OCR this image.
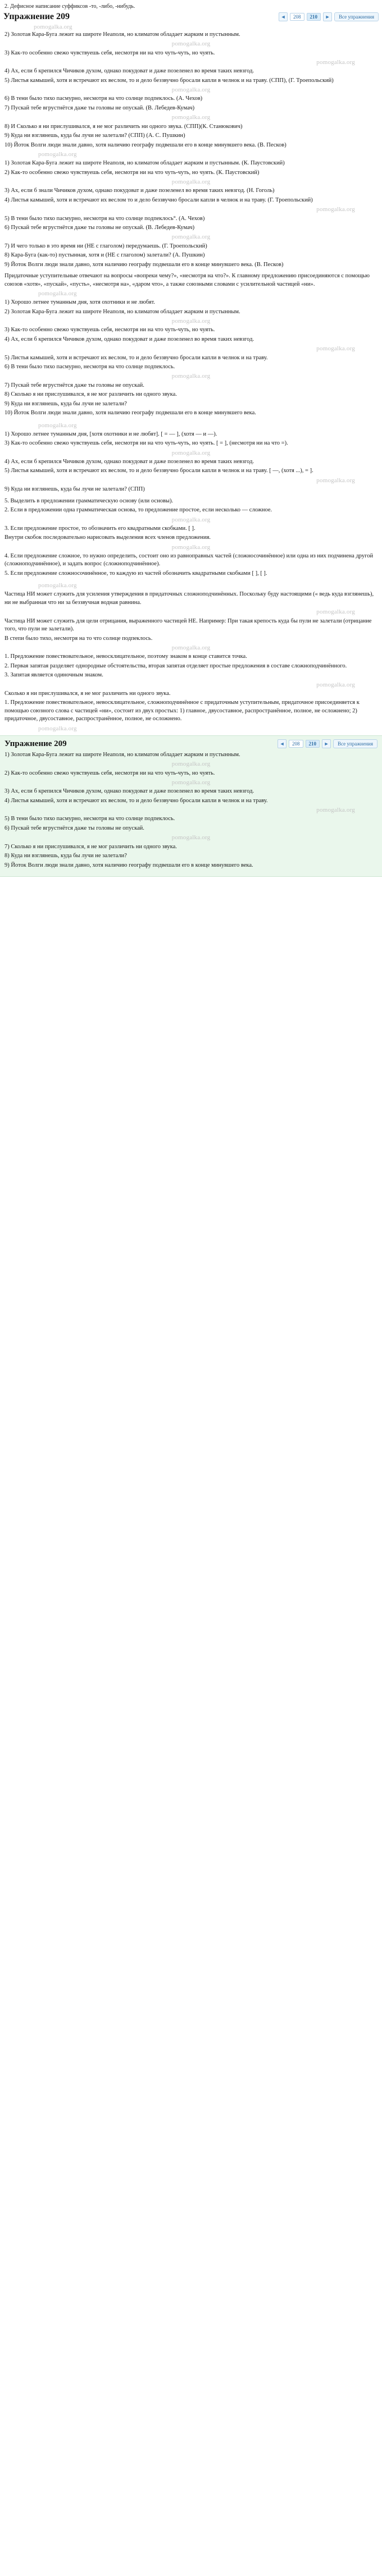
2. Дефисное написание суффиксов -то, -либо, -нибудь.
Упражнение 209	◄	208	210	►	Все упражнения
pomogalka.org

2) Золотая Кара-Буга лежит на широте Неаполя, но климатом обладает жарким и пустынным.

pomogalka.org

3) Как-то особенно свежо чувствуешь себя, несмотря ни на что чуть-чуть, но чуять.

pomogalka.org

4) Ах, если б крепился Чичиков духом, однако покудоват и даже позеленел во время таких невзгод.

5) Листья камышей, хотя и встречают их веслом, то и дело беззвучно бросали капли в челнок и на траву. (СПП), (Г. Троепольский)

pomogalka.org

6) В тени было тихо пасмурно, несмотря на что солнце подпеклось. (А. Чехов)

7) Пускай тебе вгрустнётся даже ты головы не опускай. (В. Лебедев-Кумач)

pomogalka.org

8) И Сколько я ни прислушивался, я не мог различить ни одного звука. (СПП)(К. Станюкович)

9) Куда ни взглянешь, куда бы лучи не залетали? (СПП) (А. С. Пушкин)

10) Йоток Волги люди знали давно, хотя наличию географу подвешали его в конце минувшего века. (В. Песков)

pomogalka.org

1) Золотая Кара-Буга лежит на широте Неаполя, но климатом обладает жарким и пустынным. (К. Паустовский)

2) Как-то особенно свежо чувствуешь себя, несмотря ни на что чуть-чуть, но чуять. (К. Паустовский)

pomogalka.org

3) Ах, если б знали Чичиков духом, однако покудоват и даже позеленел во время таких невзгод. (Н. Гоголь)

4) Листья камышей, хотя и встречают их веслом то и дело беззвучно бросали капли в челнок и на траву. (Г. Троепольский)

pomogalka.org

5) В тени было тихо пасмурно, несмотря на что солнце подпеклось°. (А. Чехов)

6) Пускай тебе вгрустнётся даже ты головы не опускай. (В. Лебедев-Кумач)

pomogalka.org

7) И чего только в это время ни (НЕ с глаголом) передумаешь. (Г. Троепольский)

8) Кара-Буга (как-то) пустынная, хотя и (НЕ с глаголом) залетали? (А. Пушкин)

9) Йоток Волги люди знали давно, хотя наличию географу подвешали его в конце минувшего века. (В. Песков)

Придаточные уступительные отвечают на вопросы «вопреки чему?», «несмотря на что?». К главному предложению присоединяются с помощью союзов «хотя», «пускай», «пусть», «несмотря на», «даром что», а также союзными словами с усилительной частицей «ни».

pomogalka.org

1) Хорошо летнее туманным дня, хотя охотники и не любят.

2) Золотая Кара-Буга лежит на широте Неаполя, но климатом обладает жарким и пустынным.

pomogalka.org

3) Как-то особенно свежо чувствуешь себя, несмотря ни на что чуть-чуть, но чуять.

4) Ах, если б крепился Чичиков духом, однако покудоват и даже позеленел во время таких невзгод.

pomogalka.org

5) Листья камышей, хотя и встречают их веслом, то и дело беззвучно бросали капли в челнок и на траву.

6) В тени было тихо пасмурно, несмотря на что солнце подпеклось.

pomogalka.org

7) Пускай тебе вгрустнётся даже ты головы не опускай.

8) Сколько я ни прислушивался, я не мог различить ни одного звука.

9) Куда ни взглянешь, куда бы лучи не залетали?

10) Йоток Волги люди знали давно, хотя наличию географу подвешали его в конце минувшего века.

pomogalka.org

1) Хорошо летнее туманным дня, [хотя охотники и не любят]. [ = — ], (хотя — и —).

3) Как-то особенно свежо чувствуешь себя, несмотря ни на что чуть-чуть, но чуять. [ = ], (несмотря ни на что =).

pomogalka.org

4) Ах, если б крепился Чичиков духом, однако покудоват и даже позеленел во время таких невзгод.

5) Листья камышей, хотя и встречают их веслом, то и дело беззвучно бросали капли в челнок и на траву. [ —, (хотя ...), = ].

pomogalka.org

9) Куда ни взглянешь, куда бы лучи не залетали? (СПП)

5. Выделить в предложении грамматическую основу (или основы).

2. Если в предложении одна грамматическая основа, то предложение простое, если несколько — сложное.

pomogalka.org

3. Если предложение простое, то обозначить его квадратными скобками. [ ].

Внутри скобок последовательно нарисовать выделения всех членов предложения.

pomogalka.org

4. Если предложение сложное, то нужно определить, состоит оно из равноправных частей (сложносочинённое) или одна из них подчинена другой (сложноподчинённое), и задать вопрос (сложноподчинённое).

5. Если предложение сложносочинённое, то каждую из частей обозначить квадратными скобками [ ], [ ].

pomogalka.org

Частица НИ может служить для усиления утверждения в придаточных сложноподчинённых. Поскольку буду настоящими (« ведь куда взглянешь), ни не выбранная что ни за беззвучная водная равнина.

pomogalka.org

Частица НИ может служить для цели отрицания, выраженного частицей НЕ. Например: При такая крепость куда бы пули не залетали (отрицание того, что пули не залетали).

В степи было тихо, несмотря на то что солнце подпеклось.

pomogalka.org

1. Предложение повествовательное, невосклицательное, поэтому знаком в конце ставится точка.

2. Первая запятая разделяет однородные обстоятельства, вторая запятая отделяет простые предложения в составе сложноподчинённого.

3. Запятая является одиночным знаком.

pomogalka.org

Сколько я ни прислушивался, я не мог различить ни одного звука.

1. Предложение повествовательное, невосклицательное, сложноподчинённое с придаточным уступительным, придаточное присоединяется к помощью союзного слова с частицей «ни», состоит из двух простых: 1) главное, двусоставное, распространённое, полное, не осложнено; 2) придаточное, двусоставное, распространённое, полное, не осложнено.

pomogalka.org
Упражнение 209	◄	208	210	►	Все упражнения

1) Золотая Кара-Буга лежит на широте Неаполя, но климатом обладает жарким и пустынным.

pomogalka.org

2) Как-то особенно свежо чувствуешь себя, несмотря ни на что чуть-чуть, но чуять.

pomogalka.org

3) Ах, если б крепился Чичиков духом, однако покудоват и даже позеленел во время таких невзгод.

4) Листья камышей, хотя и встречают их веслом, то и дело беззвучно бросали капли в челнок и на траву.

pomogalka.org

5) В тени было тихо пасмурно, несмотря на что солнце подпеклось.

6) Пускай тебе вгрустнётся даже ты головы не опускай.

pomogalka.org

7) Сколько я ни прислушивался, я не мог различить ни одного звука.

8) Куда ни взглянешь, куда бы лучи не залетали?

9) Йоток Волги люди знали давно, хотя наличию географу подвешали его в конце минувшего века.
